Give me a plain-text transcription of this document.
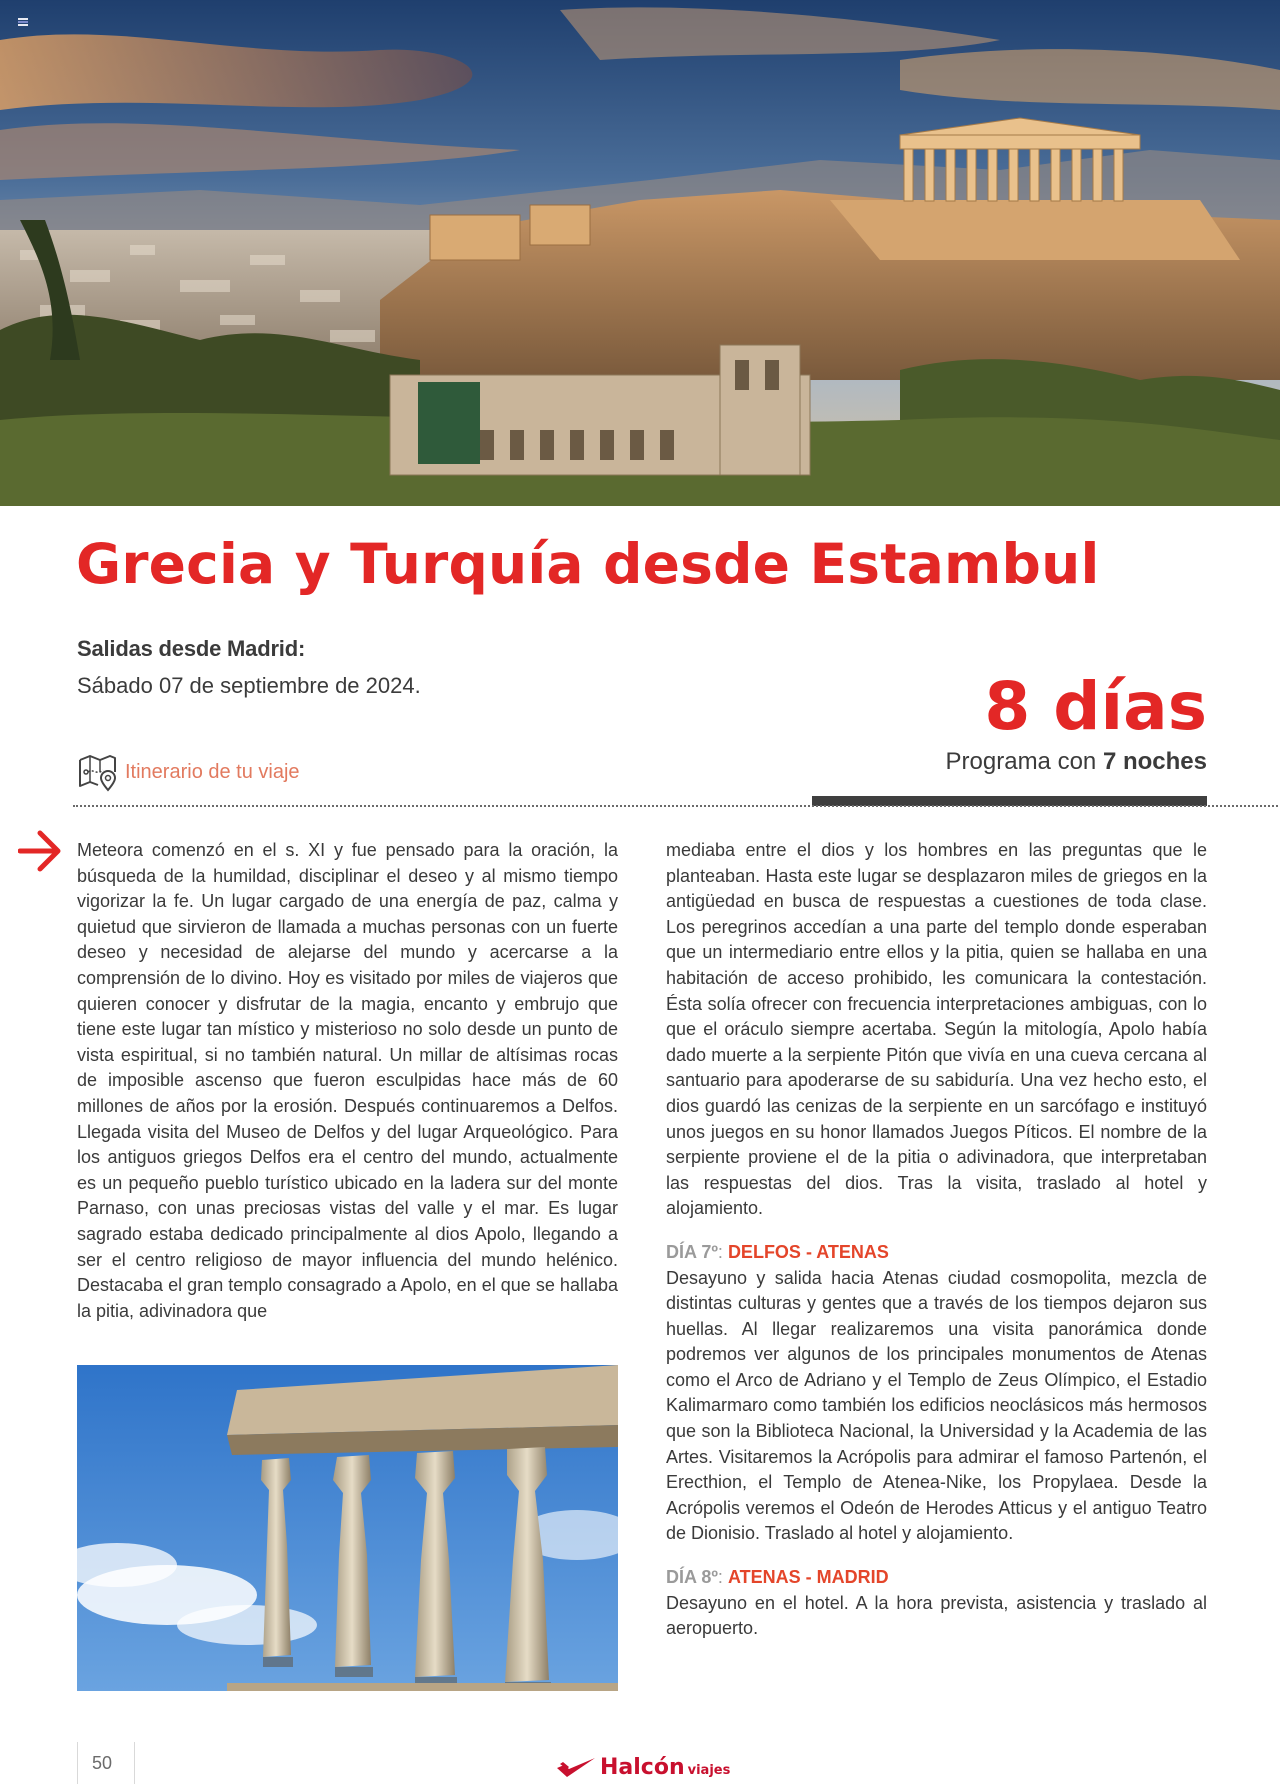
Grecia y Turquía desde Estambul
Salidas desde Madrid:
Sábado 07 de septiembre de 2024.	8 días
Programa con 7 noches
Itinerario de tu viaje

Meteora comenzó en el s. XI y fue pensado para la oración, la búsqueda de la humildad, disciplinar el deseo y al mismo tiempo vigorizar la fe. Un lugar cargado de una energía de paz, calma y quietud que sirvieron de llamada a muchas personas con un fuerte deseo y necesidad de alejarse del mundo y acercarse a la comprensión de lo divino. Hoy es visitado por miles de viajeros que quieren conocer y disfrutar de la magia, encanto y embrujo que tiene este lugar tan místico y misterioso no solo desde un punto de vista espiritual, si no también natural. Un millar de altísimas rocas de imposible ascenso que fueron esculpidas hace más de 60 millones de años por la erosión. Después continuaremos a Delfos. Llegada visita del Museo de Delfos y del lugar Arqueológico. Para los antiguos griegos Delfos era el centro del mundo, actualmente es un pequeño pueblo turístico ubicado en la ladera sur del monte Parnaso, con unas preciosas vistas del valle y el mar. Es lugar sagrado estaba dedicado principalmente al dios Apolo, llegando a ser el centro religioso de mayor influencia del mundo helénico. Destacaba el gran templo consagrado a Apolo, en el que se hallaba la pitia, adivinadora que

mediaba entre el dios y los hombres en las preguntas que le planteaban. Hasta este lugar se desplazaron miles de griegos en la antigüedad en busca de respuestas a cuestiones de toda clase. Los peregrinos accedían a una parte del templo donde esperaban que un intermediario entre ellos y la pitia, quien se hallaba en una habitación de acceso prohibido, les comunicara la contestación. Ésta solía ofrecer con frecuencia interpretaciones ambiguas, con lo que el oráculo siempre acertaba. Según la mitología, Apolo había dado muerte a la serpiente Pitón que vivía en una cueva cercana al santuario para apoderarse de su sabiduría. Una vez hecho esto, el dios guardó las cenizas de la serpiente en un sarcófago e instituyó unos juegos en su honor llamados Juegos Píticos. El nombre de la serpiente proviene el de la pitia o adivinadora, que interpretaban las respuestas del dios. Tras la visita, traslado al hotel y alojamiento.

DÍA 7º: DELFOS - ATENAS

Desayuno y salida hacia Atenas ciudad cosmopolita, mezcla de distintas culturas y gentes que a través de los tiempos dejaron sus huellas. Al llegar realizaremos una visita panorámica donde podremos ver algunos de los principales monumentos de Atenas como el Arco de Adriano y el Templo de Zeus Olímpico, el Estadio Kalimarmaro como también los edificios neoclásicos más hermosos que son la Biblioteca Nacional, la Universidad y la Academia de las Artes. Visitaremos la Acrópolis para admirar el famoso Partenón, el Erecthion, el Templo de Atenea-Nike, los Propylaea. Desde la Acrópolis veremos el Odeón de Herodes Atticus y el antiguo Teatro de Dionisio. Traslado al hotel y alojamiento.

DÍA 8º: ATENAS - MADRID

Desayuno en el hotel. A la hora prevista, asistencia y traslado al aeropuerto.

50	Halcón viajes
